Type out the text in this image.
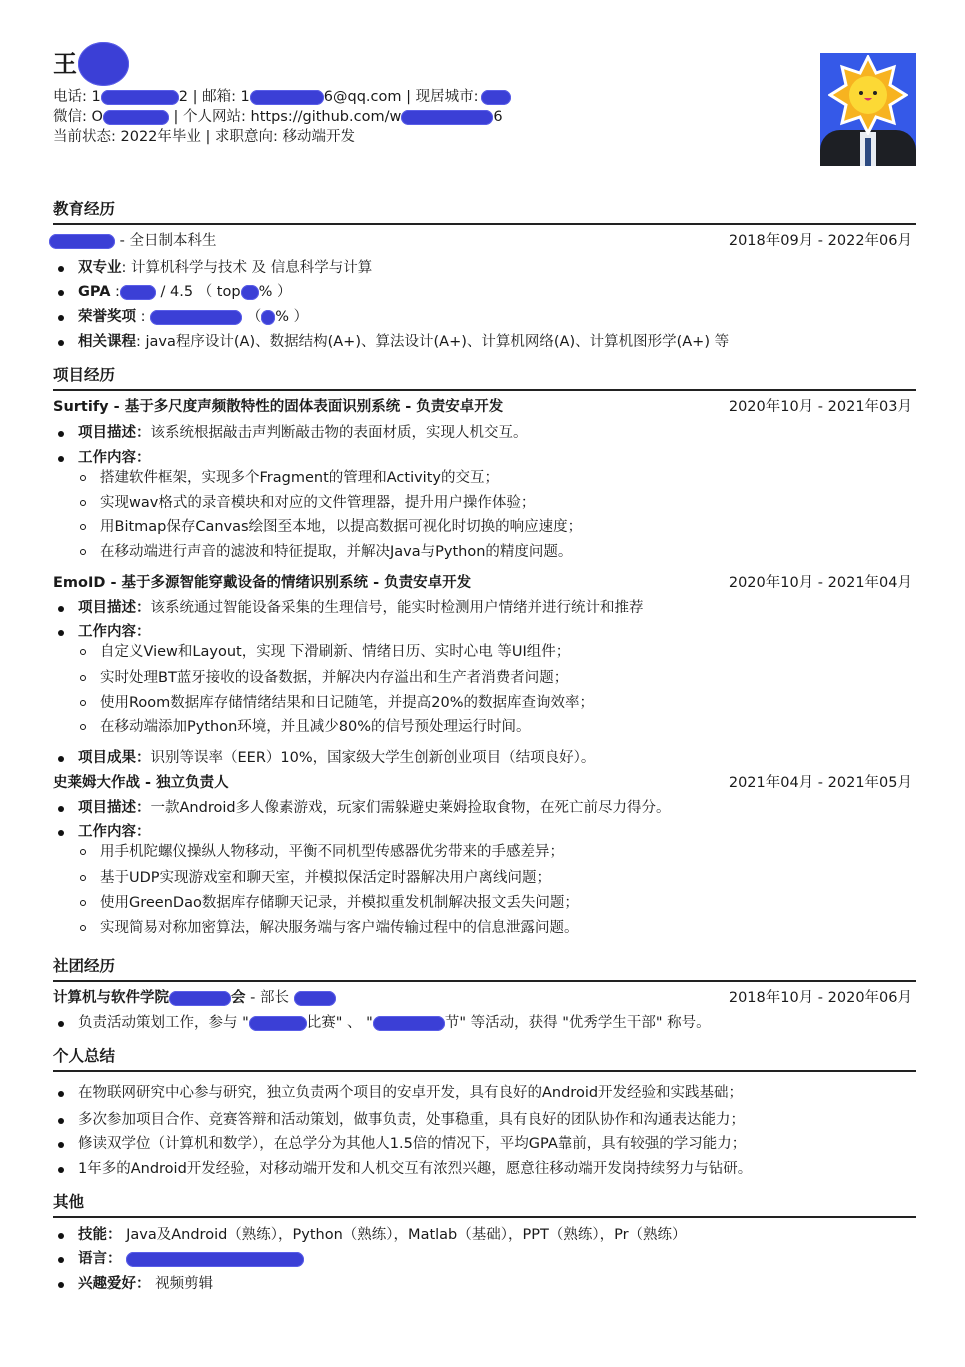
王
电话: 1	2 | 邮箱: 1	6@qq.com | 现居城市:
微信: O	| 个人网站: https://github.com/w	6
当前状态: 2022年毕业 | 求职意向: 移动端开发
教育经历
- 全日制本科生	2018年09月 - 2022年06月
双专业: 计算机科学与技术 及 信息科学与计算
GPA :	/ 4.5 （ top % ）
荣誉奖项 :	（ % ）
相关课程: java程序设计(A)、数据结构(A+)、算法设计(A+)、计算机网络(A)、计算机图形学(A+) 等
项目经历
Surtify - 基于多尺度声频散特性的固体表面识别系统 - 负责安卓开发	2020年10月 - 2021年03月
项目描述：该系统根据敲击声判断敲击物的表面材质，实现人机交互。
工作内容：
搭建软件框架，实现多个Fragment的管理和Activity的交互；
实现wav格式的录音模块和对应的文件管理器，提升用户操作体验；
用Bitmap保存Canvas绘图至本地，以提高数据可视化时切换的响应速度；
在移动端进行声音的滤波和特征提取，并解决Java与Python的精度问题。
EmoID - 基于多源智能穿戴设备的情绪识别系统 - 负责安卓开发	2020年10月 - 2021年04月
项目描述：该系统通过智能设备采集的生理信号，能实时检测用户情绪并进行统计和推荐
工作内容：
自定义View和Layout，实现 下滑刷新、情绪日历、实时心电 等UI组件；
实时处理BT蓝牙接收的设备数据，并解决内存溢出和生产者消费者问题；
使用Room数据库存储情绪结果和日记随笔，并提高20%的数据库查询效率；
在移动端添加Python环境，并且减少80%的信号预处理运行时间。
项目成果：识别等误率（EER）10%，国家级大学生创新创业项目（结项良好）。
史莱姆大作战 - 独立负责人	2021年04月 - 2021年05月
项目描述：一款Android多人像素游戏，玩家们需躲避史莱姆捡取食物，在死亡前尽力得分。
工作内容：
用手机陀螺仪操纵人物移动，平衡不同机型传感器优劣带来的手感差异；
基于UDP实现游戏室和聊天室，并模拟保活定时器解决用户离线问题；
使用GreenDao数据库存储聊天记录，并模拟重发机制解决报文丢失问题；
实现简易对称加密算法，解决服务端与客户端传输过程中的信息泄露问题。
社团经历
计算机与软件学院	会 - 部长	2018年10月 - 2020年06月
负责活动策划工作，参与 "	比赛" 、 "	节" 等活动，获得 "优秀学生干部" 称号。
个人总结
在物联网研究中心参与研究，独立负责两个项目的安卓开发，具有良好的Android开发经验和实践基础；
多次参加项目合作、竞赛答辩和活动策划，做事负责，处事稳重，具有良好的团队协作和沟通表达能力；
修读双学位（计算机和数学），在总学分为其他人1.5倍的情况下，平均GPA靠前，具有较强的学习能力；
1年多的Android开发经验，对移动端开发和人机交互有浓烈兴趣，愿意往移动端开发岗持续努力与钻研。
其他
技能： Java及Android（熟练），Python（熟练），Matlab（基础），PPT（熟练），Pr（熟练）
语言：
兴趣爱好： 视频剪辑
